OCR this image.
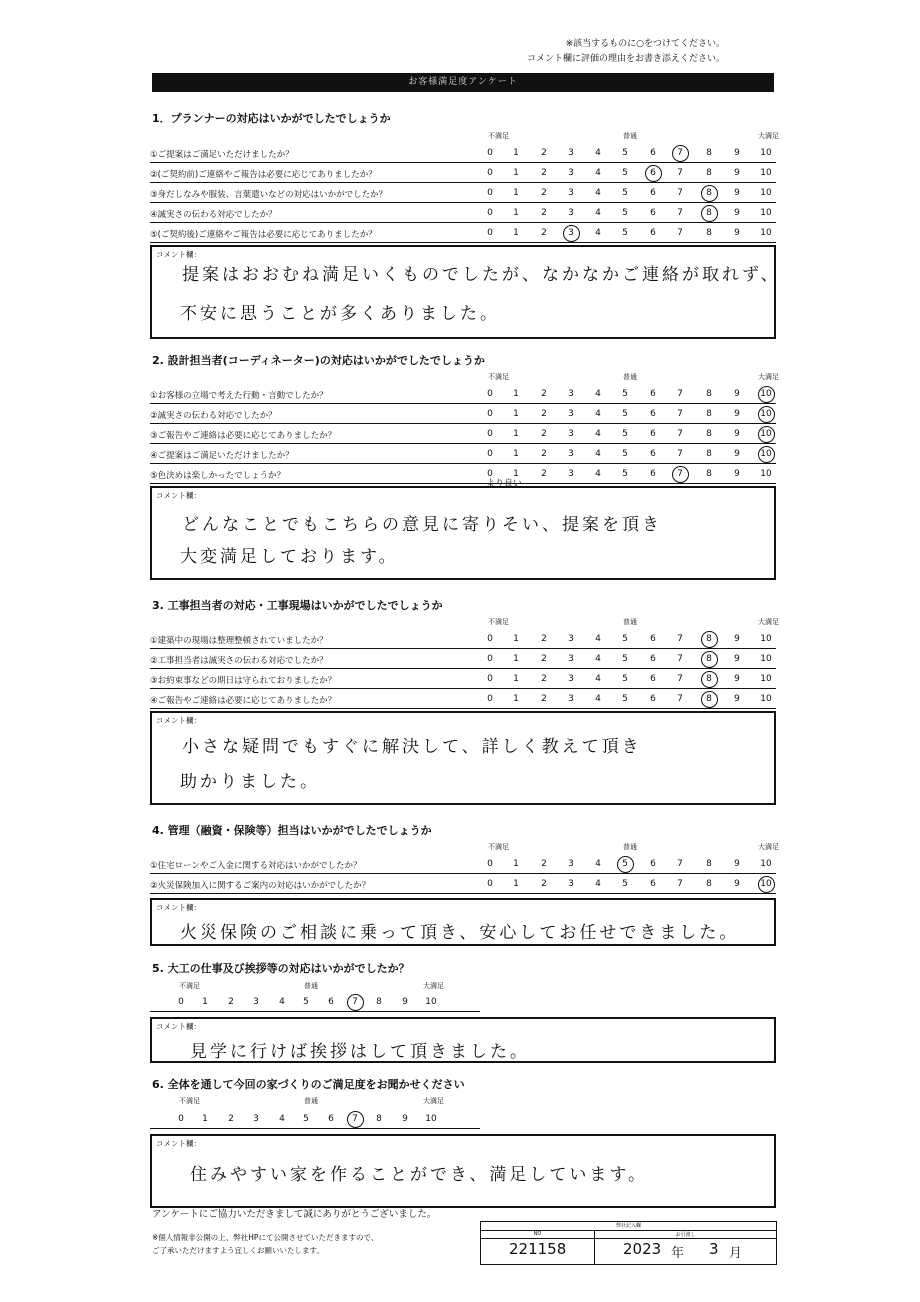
※該当するものに○をつけてください。
コメント欄に評価の理由をお書き添えください。
お客様満足度アンケート
1．プランナーの対応はいかがでしたでしょうか
不満足	普通	大満足
①ご提案はご満足いただけましたか？	0	1	2	3	4	5	6	7	8	9	10
②(ご契約前)ご連絡やご報告は必要に応じてありましたか？	0	1	2	3	4	5	6	7	8	9	10
③身だしなみや服装、言葉遣いなどの対応はいかがでしたか？	0	1	2	3	4	5	6	7	8	9	10
④誠実さの伝わる対応でしたか？	0	1	2	3	4	5	6	7	8	9	10
⑤(ご契約後)ご連絡やご報告は必要に応じてありましたか？	0	1	2	3	4	5	6	7	8	9	10
コメント欄：
提案はおおむね満足いくものでしたが、なかなかご連絡が取れず、
不安に思うことが多くありました。
2. 設計担当者(コーディネーター)の対応はいかがでしたでしょうか
不満足	普通	大満足
①お客様の立場で考えた行動・言動でしたか？	0	1	2	3	4	5	6	7	8	9	10
②誠実さの伝わる対応でしたか？	0	1	2	3	4	5	6	7	8	9	10
③ご報告やご連絡は必要に応じてありましたか？	0	1	2	3	4	5	6	7	8	9	10
④ご提案はご満足いただけましたか？	0	1	2	3	4	5	6	7	8	9	10
⑤色決めは楽しかったでしょうか？	0	1	2	3	4	5	6	7	8	9	10
コメント欄：
どんなことでもこちらの意見に寄りそい、提案を頂き
大変満足しております。
より良い
3. 工事担当者の対応・工事現場はいかがでしたでしょうか
不満足	普通	大満足
①建築中の現場は整理整頓されていましたか？	0	1	2	3	4	5	6	7	8	9	10
②工事担当者は誠実さの伝わる対応でしたか？	0	1	2	3	4	5	6	7	8	9	10
③お約束事などの期日は守られておりましたか？	0	1	2	3	4	5	6	7	8	9	10
④ご報告やご連絡は必要に応じてありましたか？	0	1	2	3	4	5	6	7	8	9	10
コメント欄：
小さな疑問でもすぐに解決して、詳しく教えて頂き
助かりました。
4. 管理（融資・保険等）担当はいかがでしたでしょうか
不満足	普通	大満足
①住宅ローンやご入金に関する対応はいかがでしたか？	0	1	2	3	4	5	6	7	8	9	10
②火災保険加入に関するご案内の対応はいかがでしたか？	0	1	2	3	4	5	6	7	8	9	10
コメント欄：
火災保険のご相談に乗って頂き、安心してお任せできました。
5. 大工の仕事及び挨拶等の対応はいかがでしたか？
不満足	普通	大満足
0	1	2	3	4	5	6	7	8	9	10
コメント欄：
見学に行けば挨拶はして頂きました。
6. 全体を通して今回の家づくりのご満足度をお聞かせください
不満足	普通	大満足
0	1	2	3	4	5	6	7	8	9	10
コメント欄：
住みやすい家を作ることができ、満足しています。
アンケートにご協力いただきまして誠にありがとうございました。
※個人情報非公開の上、弊社HPにて公開させていただきますので、
ご了承いただけますよう宜しくお願いいたします。
弊社記入欄
NO	お引渡し
221158	2023 年 3 月
